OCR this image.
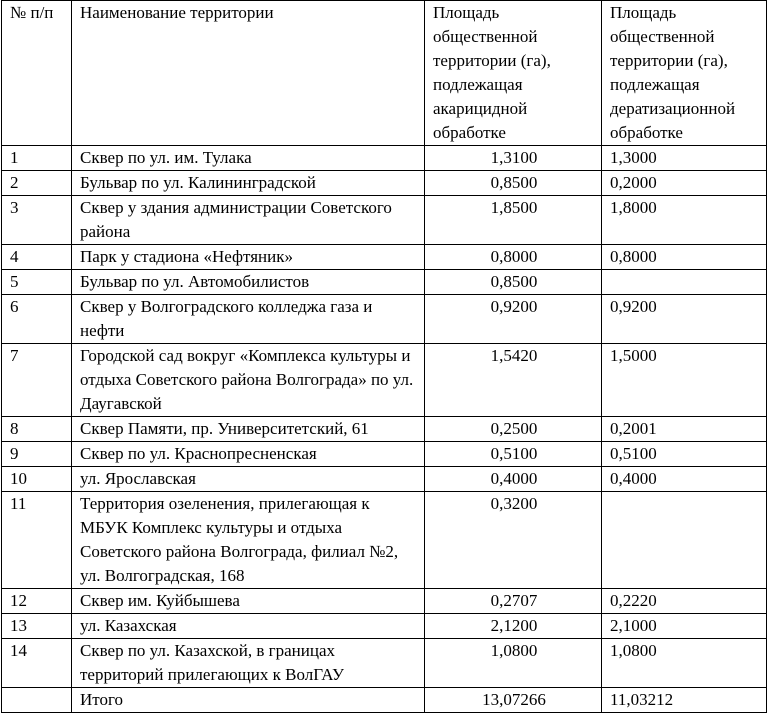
№ п/п	Наименование территории	Площадь общественной территории (га), подлежащая акарицидной обработке	Площадь общественной территории (га), подлежащая дератизационной обработке
1	Сквер по ул. им. Тулака	1,3100	1,3000
2	Бульвар по ул. Калининградской	0,8500	0,2000
3	Сквер у здания администрации Советского района	1,8500	1,8000
4	Парк у стадиона «Нефтяник»	0,8000	0,8000
5	Бульвар по ул. Автомобилистов	0,8500	
6	Сквер у Волгоградского колледжа газа и нефти	0,9200	0,9200
7	Городской сад вокруг «Комплекса культуры и отдыха Советского района Волгограда» по ул. Даугавской	1,5420	1,5000
8	Сквер Памяти, пр. Университетский, 61	0,2500	0,2001
9	Сквер по ул. Краснопресненская	0,5100	0,5100
10	ул. Ярославская	0,4000	0,4000
11	Территория озеленения, прилегающая к МБУК Комплекс культуры и отдыха Советского района Волгограда, филиал №2, ул. Волгоградская, 168	0,3200	
12	Сквер им. Куйбышева	0,2707	0,2220
13	ул. Казахская	2,1200	2,1000
14	Сквер по ул. Казахской, в границах территорий прилегающих к ВолГАУ	1,0800	1,0800
	Итого	13,07266	11,03212
